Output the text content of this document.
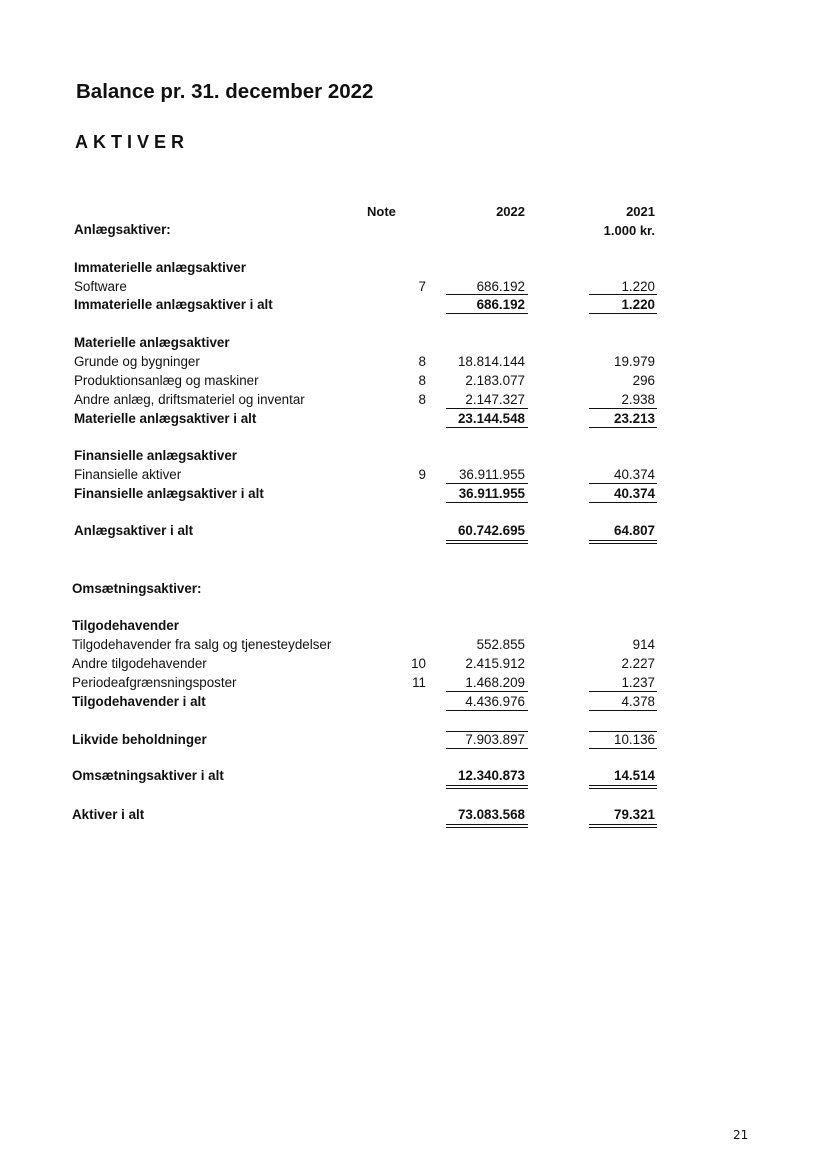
Balance pr. 31. december 2022
AKTIVER
Note	2022	2021
1.000 kr.
Anlægsaktiver:
Immaterielle anlægsaktiver
Software	7	686.192	1.220
Immaterielle anlægsaktiver i alt	686.192	1.220
Materielle anlægsaktiver
Grunde og bygninger	8	18.814.144	19.979
Produktionsanlæg og maskiner	8	2.183.077	296
Andre anlæg, driftsmateriel og inventar	8	2.147.327	2.938
Materielle anlægsaktiver i alt	23.144.548	23.213
Finansielle anlægsaktiver
Finansielle aktiver	9	36.911.955	40.374
Finansielle anlægsaktiver i alt	36.911.955	40.374
Anlægsaktiver i alt	60.742.695	64.807
Omsætningsaktiver:
Tilgodehavender
Tilgodehavender fra salg og tjenesteydelser	552.855	914
Andre tilgodehavender	10	2.415.912	2.227
Periodeafgrænsningsposter	11	1.468.209	1.237
Tilgodehavender i alt	4.436.976	4.378
Likvide beholdninger	7.903.897	10.136
Omsætningsaktiver i alt	12.340.873	14.514
Aktiver i alt	73.083.568	79.321
21
